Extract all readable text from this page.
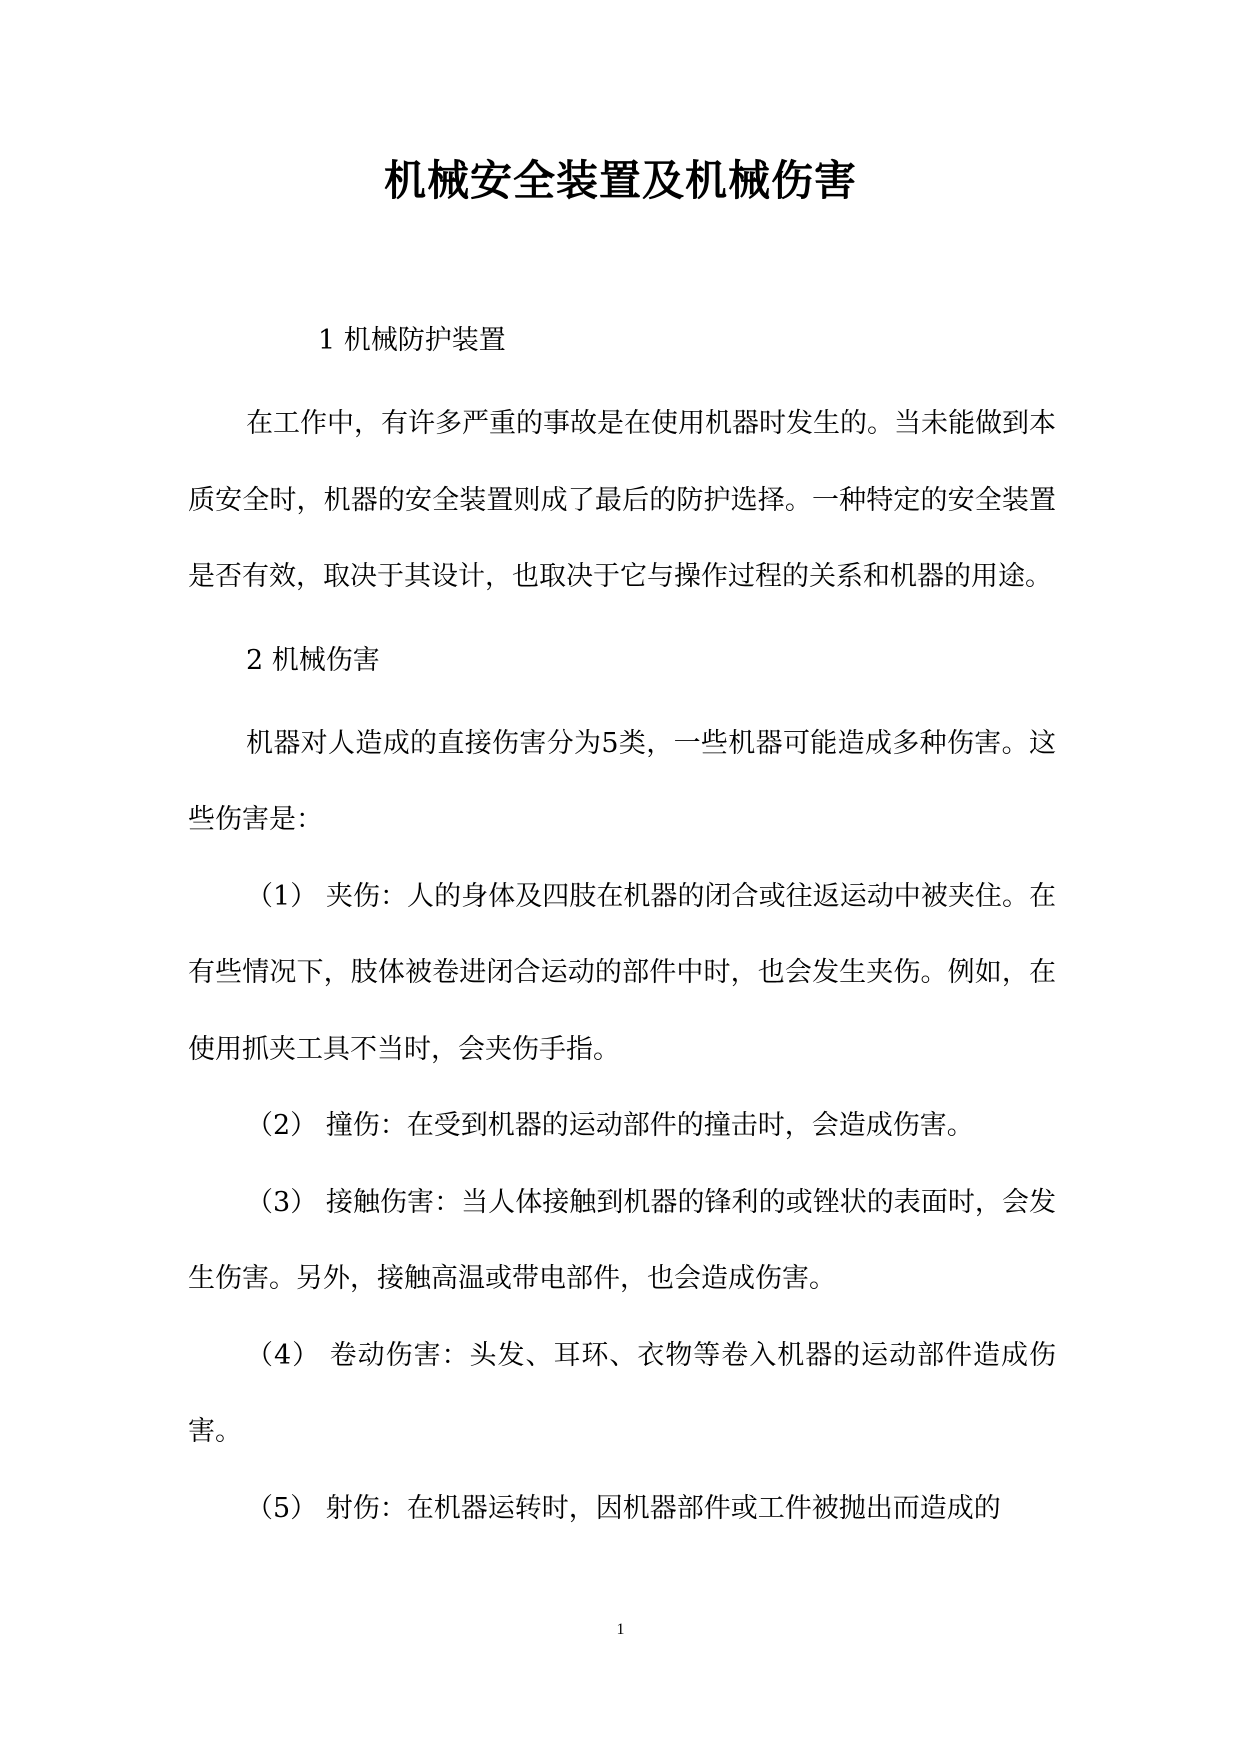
机械安全装置及机械伤害

1 机械防护装置

在工作中，有许多严重的事故是在使用机器时发生的。当未能做到本质安全时，机器的安全装置则成了最后的防护选择。一种特定的安全装置是否有效，取决于其设计，也取决于它与操作过程的关系和机器的用途。

2 机械伤害

机器对人造成的直接伤害分为5类，一些机器可能造成多种伤害。这些伤害是：

（1） 夹伤：人的身体及四肢在机器的闭合或往返运动中被夹住。在有些情况下，肢体被卷进闭合运动的部件中时，也会发生夹伤。例如，在使用抓夹工具不当时，会夹伤手指。

（2） 撞伤：在受到机器的运动部件的撞击时，会造成伤害。

（3） 接触伤害：当人体接触到机器的锋利的或锉状的表面时，会发生伤害。另外，接触高温或带电部件，也会造成伤害。

（4） 卷动伤害：头发、耳环、衣物等卷入机器的运动部件造成伤害。

（5） 射伤：在机器运转时，因机器部件或工件被抛出而造成的

1
